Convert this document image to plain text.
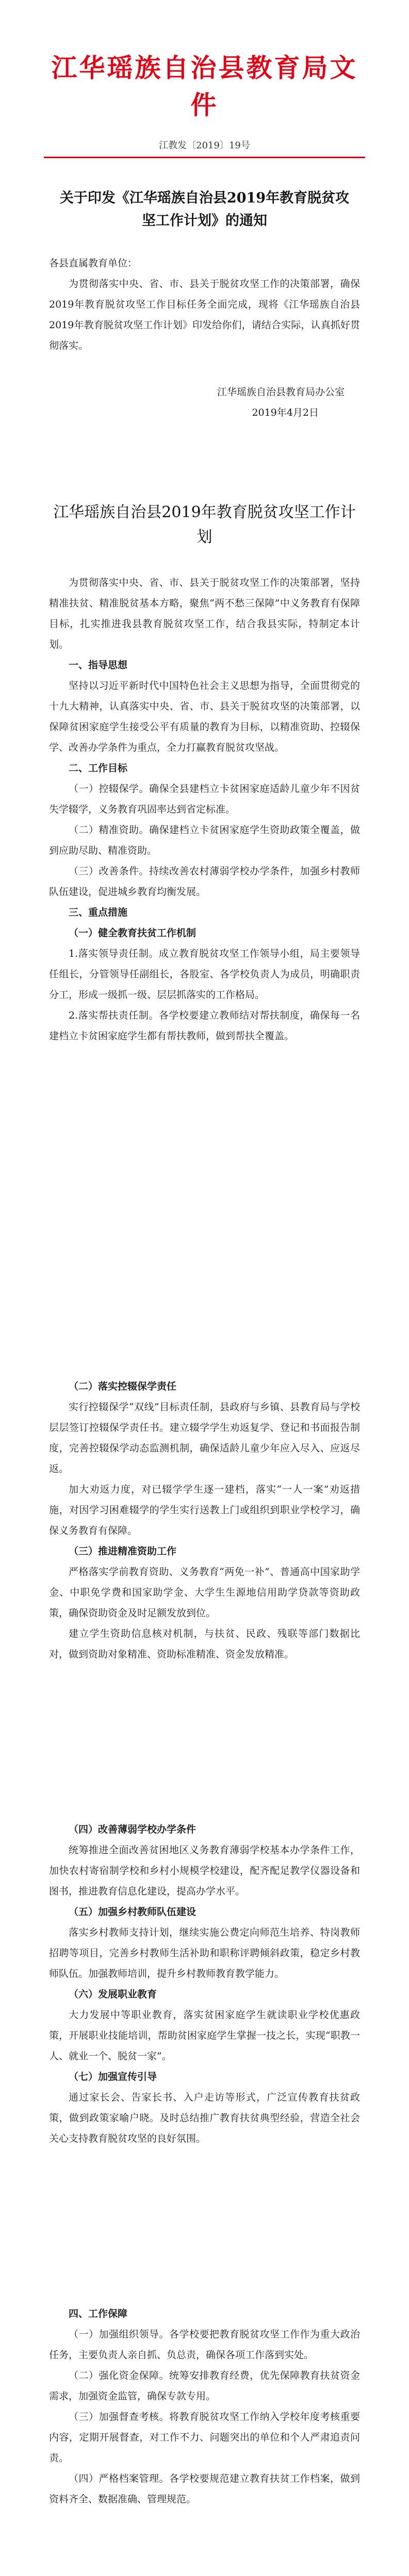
江华瑶族自治县教育局文件
江教发〔2019〕19号
关于印发《江华瑶族自治县2019年教育脱贫攻坚工作计划》的通知

各县直属教育单位：

为贯彻落实中央、省、市、县关于脱贫攻坚工作的决策部署，确保2019年教育脱贫攻坚工作目标任务全面完成，现将《江华瑶族自治县2019年教育脱贫攻坚工作计划》印发给你们，请结合实际，认真抓好贯彻落实。

江华瑶族自治县教育局办公室

2019年4月2日

江华瑶族自治县2019年教育脱贫攻坚工作计划

为贯彻落实中央、省、市、县关于脱贫攻坚工作的决策部署，坚持精准扶贫、精准脱贫基本方略，聚焦“两不愁三保障”中义务教育有保障目标，扎实推进我县教育脱贫攻坚工作，结合我县实际，特制定本计划。

一、指导思想

坚持以习近平新时代中国特色社会主义思想为指导，全面贯彻党的十九大精神，认真落实中央、省、市、县关于脱贫攻坚的决策部署，以保障贫困家庭学生接受公平有质量的教育为目标，以精准资助、控辍保学、改善办学条件为重点，全力打赢教育脱贫攻坚战。

二、工作目标

（一）控辍保学。确保全县建档立卡贫困家庭适龄儿童少年不因贫失学辍学，义务教育巩固率达到省定标准。

（二）精准资助。确保建档立卡贫困家庭学生资助政策全覆盖，做到应助尽助、精准资助。

（三）改善条件。持续改善农村薄弱学校办学条件，加强乡村教师队伍建设，促进城乡教育均衡发展。

三、重点措施

（一）健全教育扶贫工作机制

1.落实领导责任制。成立教育脱贫攻坚工作领导小组，局主要领导任组长，分管领导任副组长，各股室、各学校负责人为成员，明确职责分工，形成一级抓一级、层层抓落实的工作格局。

2.落实帮扶责任制。各学校要建立教师结对帮扶制度，确保每一名建档立卡贫困家庭学生都有帮扶教师，做到帮扶全覆盖。

（二）落实控辍保学责任

实行控辍保学“双线”目标责任制，县政府与乡镇、县教育局与学校层层签订控辍保学责任书。建立辍学学生劝返复学、登记和书面报告制度，完善控辍保学动态监测机制，确保适龄儿童少年应入尽入、应返尽返。

加大劝返力度，对已辍学学生逐一建档，落实“一人一案”劝返措施，对因学习困难辍学的学生实行送教上门或组织到职业学校学习，确保义务教育有保障。

（三）推进精准资助工作

严格落实学前教育资助、义务教育“两免一补”、普通高中国家助学金、中职免学费和国家助学金、大学生生源地信用助学贷款等资助政策，确保资助资金及时足额发放到位。

建立学生资助信息核对机制，与扶贫、民政、残联等部门数据比对，做到资助对象精准、资助标准精准、资金发放精准。

（四）改善薄弱学校办学条件

统筹推进全面改善贫困地区义务教育薄弱学校基本办学条件工作，加快农村寄宿制学校和乡村小规模学校建设，配齐配足教学仪器设备和图书，推进教育信息化建设，提高办学水平。

（五）加强乡村教师队伍建设

落实乡村教师支持计划，继续实施公费定向师范生培养、特岗教师招聘等项目，完善乡村教师生活补助和职称评聘倾斜政策，稳定乡村教师队伍。加强教师培训，提升乡村教师教育教学能力。

（六）发展职业教育

大力发展中等职业教育，落实贫困家庭学生就读职业学校优惠政策，开展职业技能培训，帮助贫困家庭学生掌握一技之长，实现“职教一人、就业一个、脱贫一家”。

（七）加强宣传引导

通过家长会、告家长书、入户走访等形式，广泛宣传教育扶贫政策，做到政策家喻户晓。及时总结推广教育扶贫典型经验，营造全社会关心支持教育脱贫攻坚的良好氛围。

四、工作保障

（一）加强组织领导。各学校要把教育脱贫攻坚工作作为重大政治任务，主要负责人亲自抓、负总责，确保各项工作落到实处。

（二）强化资金保障。统筹安排教育经费，优先保障教育扶贫资金需求，加强资金监管，确保专款专用。

（三）加强督查考核。将教育脱贫攻坚工作纳入学校年度考核重要内容，定期开展督查，对工作不力、问题突出的单位和个人严肃追责问责。

（四）严格档案管理。各学校要规范建立教育扶贫工作档案，做到资料齐全、数据准确、管理规范。
